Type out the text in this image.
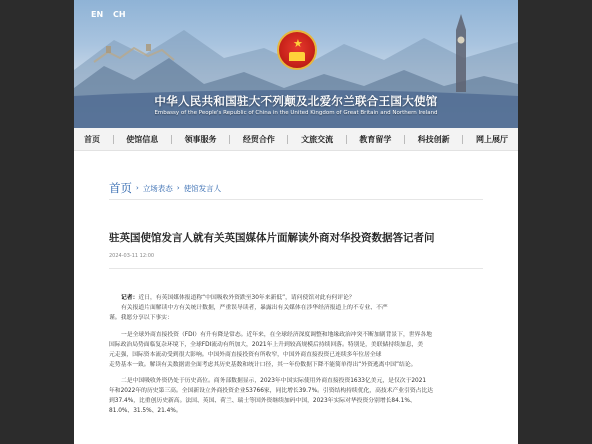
EN CH
★
中华人民共和国驻大不列颠及北爱尔兰联合王国大使馆
Embassy of the People's Republic of China in the United Kingdom of Great Britain and Northern Ireland
首页	使馆信息	领事服务	经贸合作	文旅交流	教育留学	科技创新	网上展厅
首页 › 立场表态 › 使馆发言人
驻英国使馆发言人就有关英国媒体片面解读外商对华投资数据答记者问
2024-03-11 12:00
记者：近日，有英国媒体报道称“中国吸收外资跌至30年来新低”，请问使馆对此有何评论？
有关报道片面解读中方有关统计数据，严重误导读者，暴露出有关媒体在涉华经济报道上的不专业、不严
谨。我愿分享以下事实：
一是全球外商直接投资（FDI）有升有降是常态。近年来，在全球经济深度调整和地缘政治冲突不断加剧背景下，世界各地
国际政治局势面临复杂环境下，全球FDI流动有所加大，2021年上升到较高规模后持续回落。特别是，美联储持续加息，美
元走强，国际资本流动受到很大影响。中国外商直接投资有所收窄，中国外商直接投资已连续多年位居全球
走势基本一致。解读有关数据需全面考虑其历史基数和统计口径，其一年份数据下降不能简单得出“外资逃离中国”结论。
二是中国吸收外资仍处于历史高位。商务部数据显示，2023年中国实际使用外商直接投资1633亿美元，是仅次于2021
年和2022年的历史第三高。全国新设立外商投资企业53766家，同比增长39.7%。引资结构持续优化，高技术产业引资占比达
到37.4%，比重创历史新高。法国、英国、荷兰、瑞士等国外资继续加码中国，2023年实际对华投资分别增长84.1%、
81.0%、31.5%、21.4%。
